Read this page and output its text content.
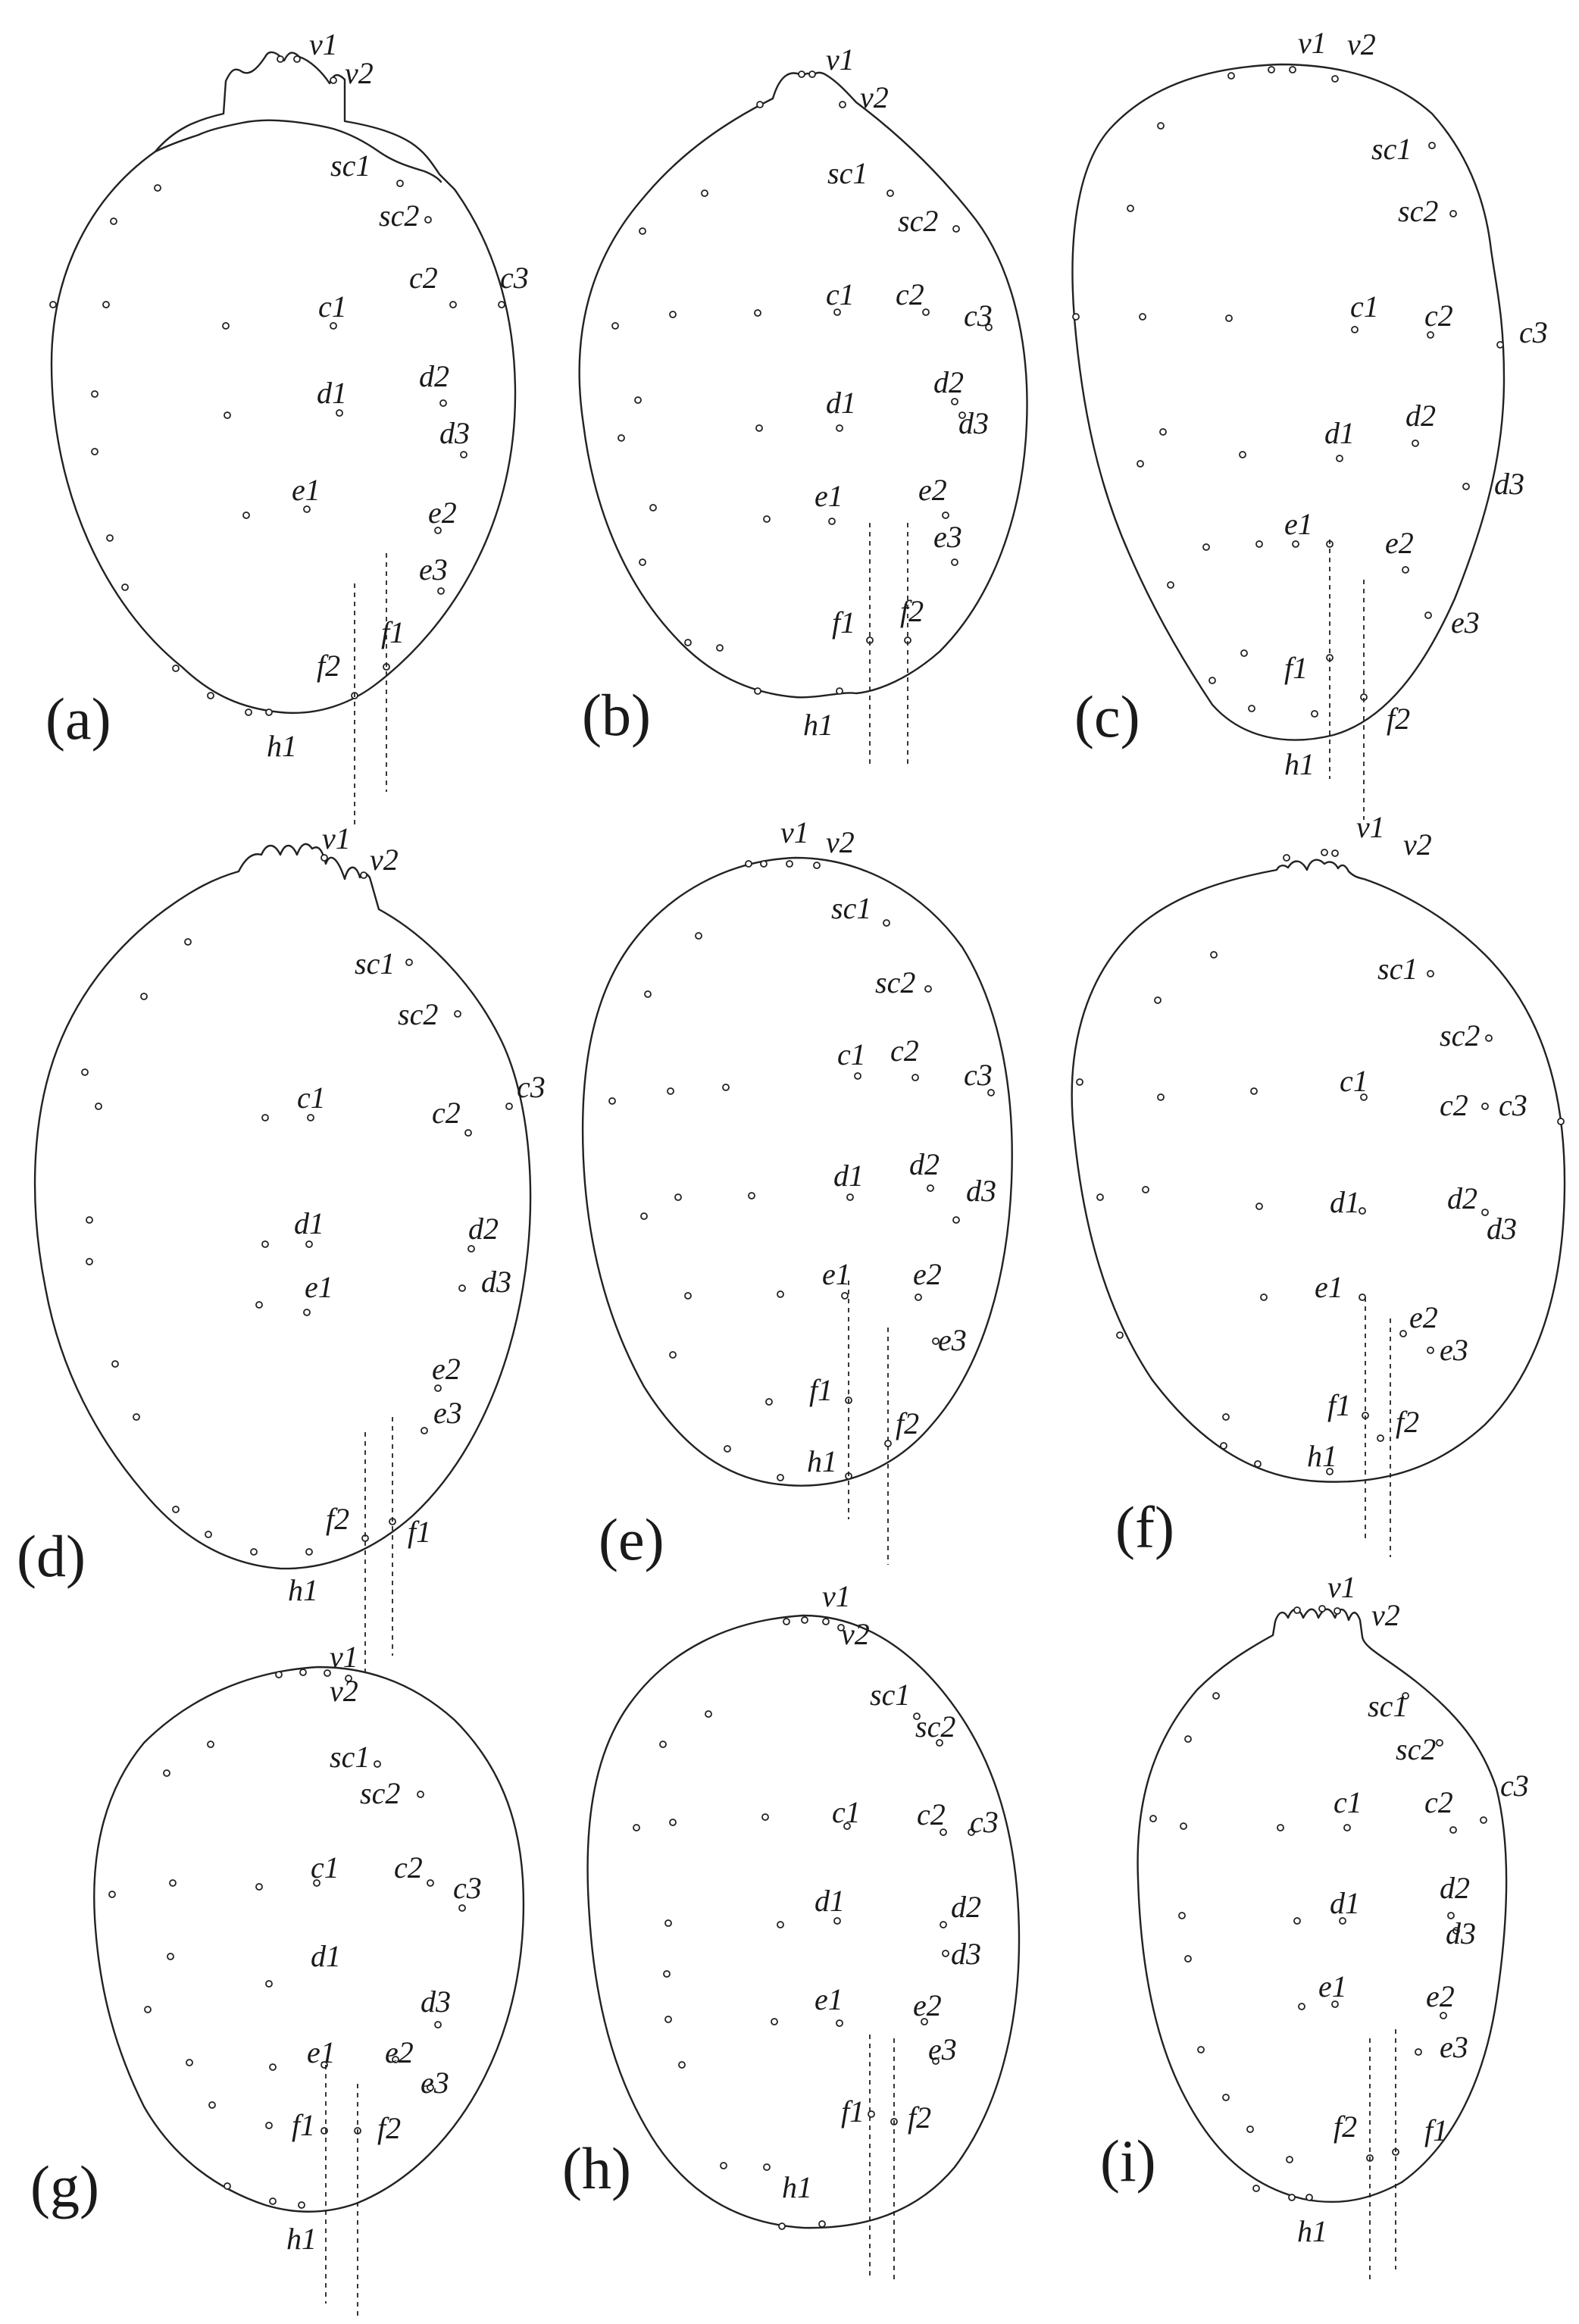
v1
v2
sc1
sc2
c1
c2 c3
d1 d2
d3
e1
e2
e3
f1
f2
h1
(a)
v1
v2
sc1
sc2
c1 c2
c3
d1
d2
d3
e1 e2
e3
f1 f2
h1
(b)
v1 v2
sc1
sc2
c1 c2 c3
d1
d2
d3
e1
e2
e3
f1
f2
h1
(c)
v1
v2
sc1
sc2
c1	c2
c3
d1	d2
d3
e1
e2
e3
f2 f1
h1
(d)
v1 v2
sc1
sc2
c1 c2
c3
d1 d2
d3
e1 e2
e3
f1
f2
h1
(e)
v1
v2
sc1
sc2
c1
c2 c3
d1	d2
d3
e1
e2
e3
f1 f2
h1
(f)
v1
v2
sc1
sc2
c1 c2
c3
d1
d3
e1 e2
e3
f1 f2
h1
(g)
v1
v2
sc1
sc2
c1 c2 c3
d1	d2
d3
e1 e2
e3
f1 f2
h1
(h)
v1
v2
sc1
sc2
c1 c2 c3
d1	d2
d3
e1	e2
e3
f2 f1
h1
(i)
